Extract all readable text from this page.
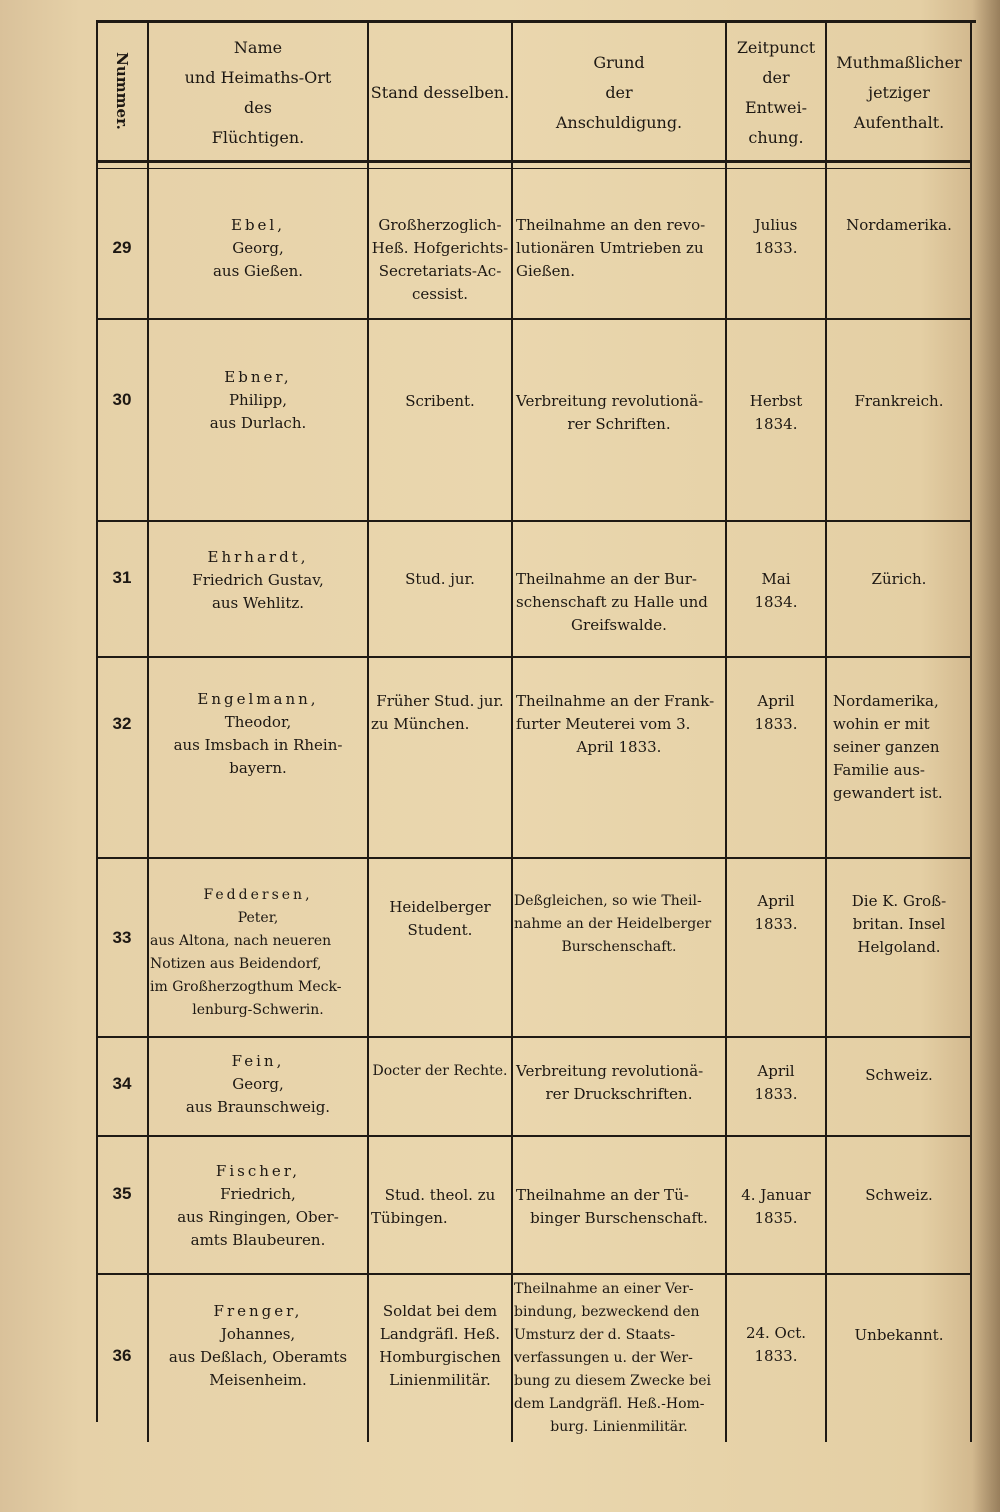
Nummer.
Name
und Heimaths-Ort
des
Flüchtigen.
Stand desselben.
Grund
der
Anschuldigung.
Zeitpunct
der
Entwei-
chung.
Muthmaßlicher
jetziger
Aufenthalt.
29
Ebel,
Georg,
aus Gießen.
Großherzoglich-
Heß. Hofgerichts-
Secretariats-Ac-
cessist.
Theilnahme an den revo-
lutionären Umtrieben zu
Gießen.
Julius
1833.
Nordamerika.
30
Ebner,
Philipp,
aus Durlach.
Scribent.	Verbreitung revolutionä-
rer Schriften.
Herbst
1834.
Frankreich.
31
Ehrhardt,
Friedrich Gustav,
aus Wehlitz.
Stud. jur.	Theilnahme an der Bur-
schenschaft zu Halle und
Greifswalde.
Mai
1834.
Zürich.
32
Engelmann,
Theodor,
aus Imsbach in Rhein-
bayern.
Früher Stud. jur.
zu München.
Theilnahme an der Frank-
furter Meuterei vom 3.
April 1833.
April
1833.
Nordamerika,
wohin er mit
seiner ganzen
Familie aus-
gewandert ist.
33
Feddersen,
Peter,
aus Altona, nach neueren
Notizen aus Beidendorf,
im Großherzogthum Meck-
lenburg-Schwerin.
Heidelberger
Student.
Deßgleichen, so wie Theil-
nahme an der Heidelberger
Burschenschaft.
April
1833.
Die K. Groß-
britan. Insel
Helgoland.
34
Fein,
Georg,
aus Braunschweig.
Docter der Rechte. Verbreitung revolutionä-
rer Druckschriften.
April
1833.
Schweiz.
35
Fischer,
Friedrich,
aus Ringingen, Ober-
amts Blaubeuren.
Stud. theol. zu
Tübingen.
Theilnahme an der Tü-
binger Burschenschaft.
4. Januar
1835.
Schweiz.
36
Frenger,
Johannes,
aus Deßlach, Oberamts
Meisenheim.
Soldat bei dem
Landgräfl. Heß.
Homburgischen
Linienmilitär.
Theilnahme an einer Ver-
bindung, bezweckend den
Umsturz der d. Staats-
verfassungen u. der Wer-
bung zu diesem Zwecke bei
dem Landgräfl. Heß.-Hom-
burg. Linienmilitär.
24. Oct.
1833.
Unbekannt.
